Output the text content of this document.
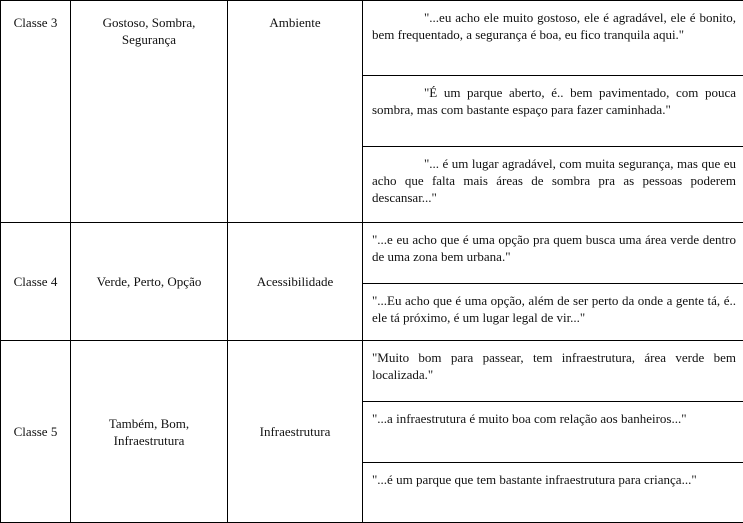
Classe 3	Gostoso, Sombra, Segurança	Ambiente	"...eu acho ele muito gostoso, ele é agradável, ele é bonito, bem frequentado, a segurança é boa, eu fico tranquila aqui."

			"É um parque aberto, é.. bem pavimentado, com pouca sombra, mas com bastante espaço para fazer caminhada."

			"... é um lugar agradável, com muita segurança, mas que eu acho que falta mais áreas de sombra pra as pessoas poderem descansar..."

Classe 4	Verde, Perto, Opção	Acessibilidade	"...e eu acho que é uma opção pra quem busca uma área verde dentro de uma zona bem urbana."
			"...Eu acho que é uma opção, além de ser perto da onde a gente tá, é.. ele tá próximo, é um lugar legal de vir..."
Classe 5	Também, Bom, Infraestrutura	Infraestrutura	"Muito bom para passear, tem infraestrutura, área verde bem localizada."
			"...a infraestrutura é muito boa com relação aos banheiros..."
			"...é um parque que tem bastante infraestrutura para criança..."
